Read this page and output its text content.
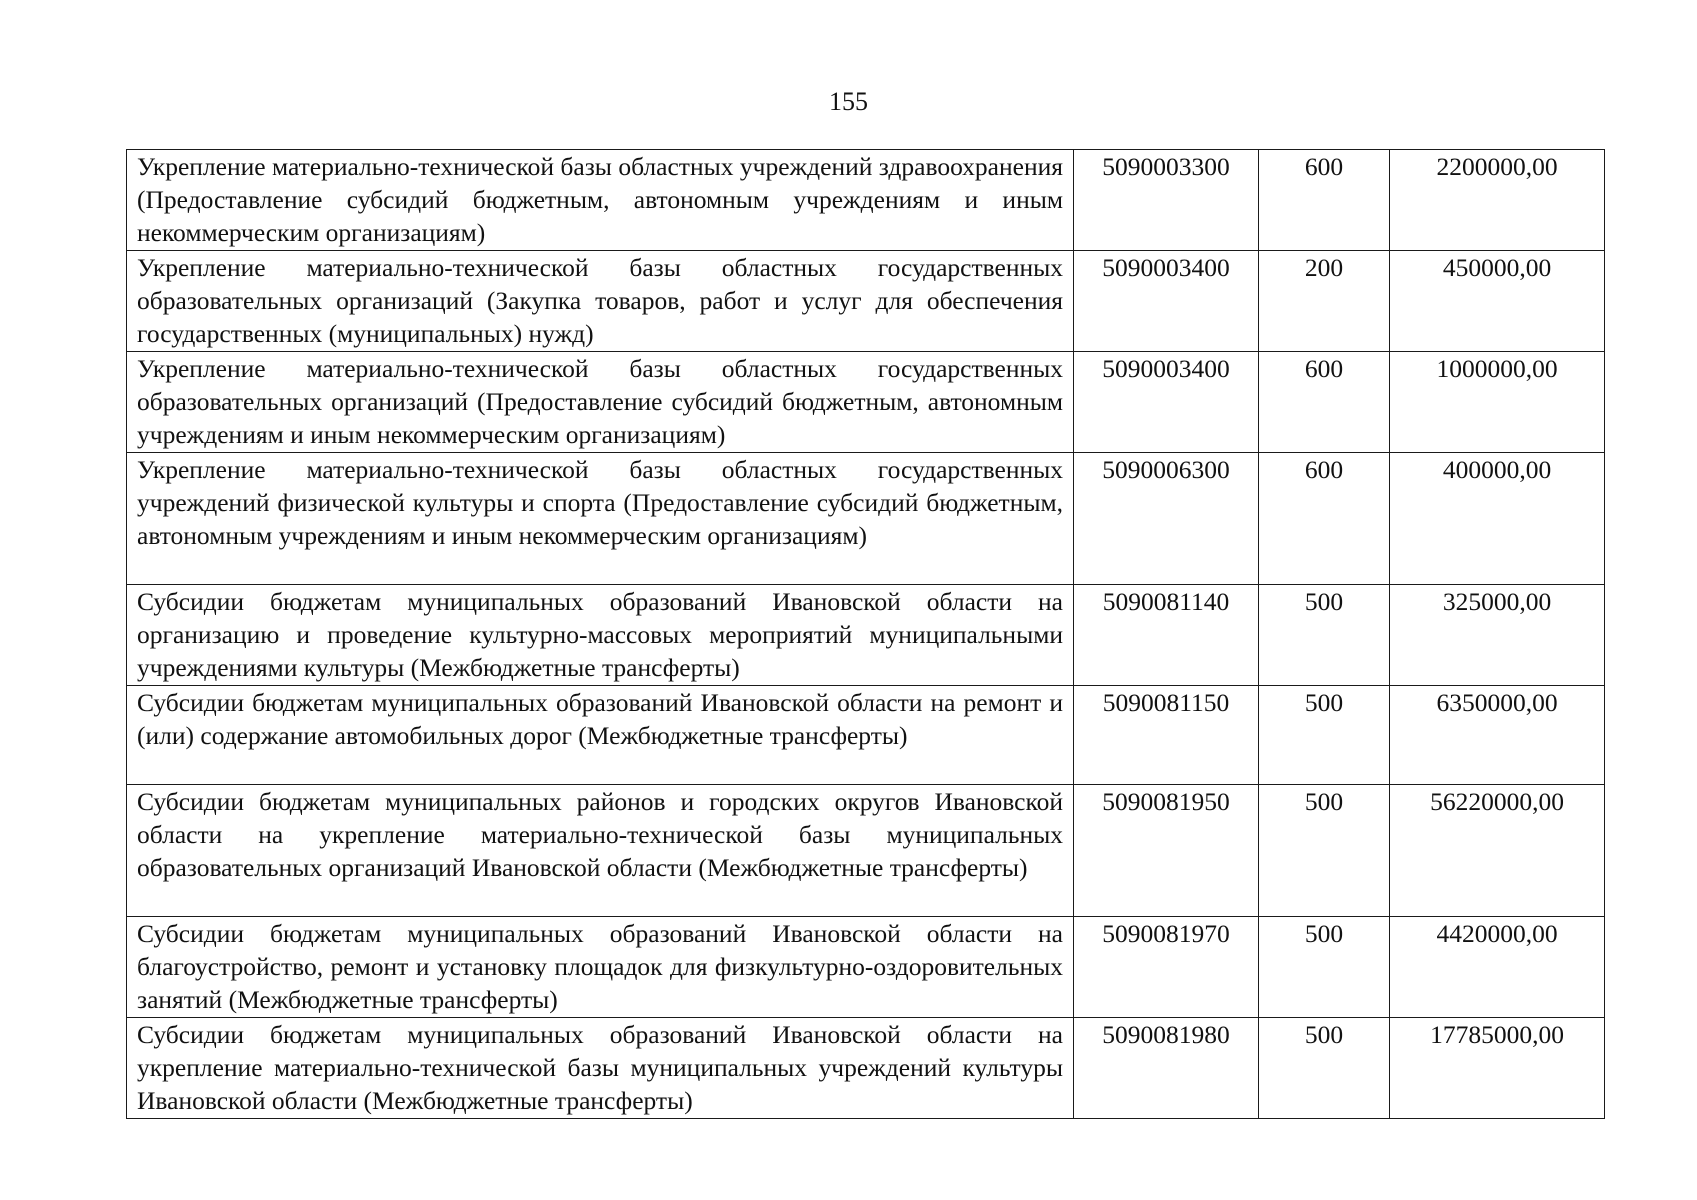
155
Укрепление материально-технической базы областных учреждений здравоохранения (Предоставление субсидий бюджетным, автономным учреждениям и иным некоммерческим организациям)	5090003300	600	2200000,00
Укрепление материально-технической базы областных государственных образовательных организаций (Закупка товаров, работ и услуг для обеспечения государственных (муниципальных) нужд)	5090003400	200	450000,00
Укрепление материально-технической базы областных государственных образовательных организаций (Предоставление субсидий бюджетным, автономным учреждениям и иным некоммерческим организациям)	5090003400	600	1000000,00
Укрепление материально-технической базы областных государственных учреждений физической культуры и спорта (Предоставление субсидий бюджетным, автономным учреждениям и иным некоммерческим организациям)	5090006300	600	400000,00
Субсидии бюджетам муниципальных образований Ивановской области на организацию и проведение культурно-массовых мероприятий муниципальными учреждениями культуры (Межбюджетные трансферты)	5090081140	500	325000,00
Субсидии бюджетам муниципальных образований Ивановской области на ремонт и (или) содержание автомобильных дорог (Межбюджетные трансферты)	5090081150	500	6350000,00
Субсидии бюджетам муниципальных районов и городских округов Ивановской области на укрепление материально-технической базы муниципальных образовательных организаций Ивановской области (Межбюджетные трансферты)	5090081950	500	56220000,00
Субсидии бюджетам муниципальных образований Ивановской области на благоустройство, ремонт и установку площадок для физкультурно-оздоровительных занятий (Межбюджетные трансферты)	5090081970	500	4420000,00
Субсидии бюджетам муниципальных образований Ивановской области на укрепление материально-технической базы муниципальных учреждений культуры Ивановской области (Межбюджетные трансферты)	5090081980	500	17785000,00
